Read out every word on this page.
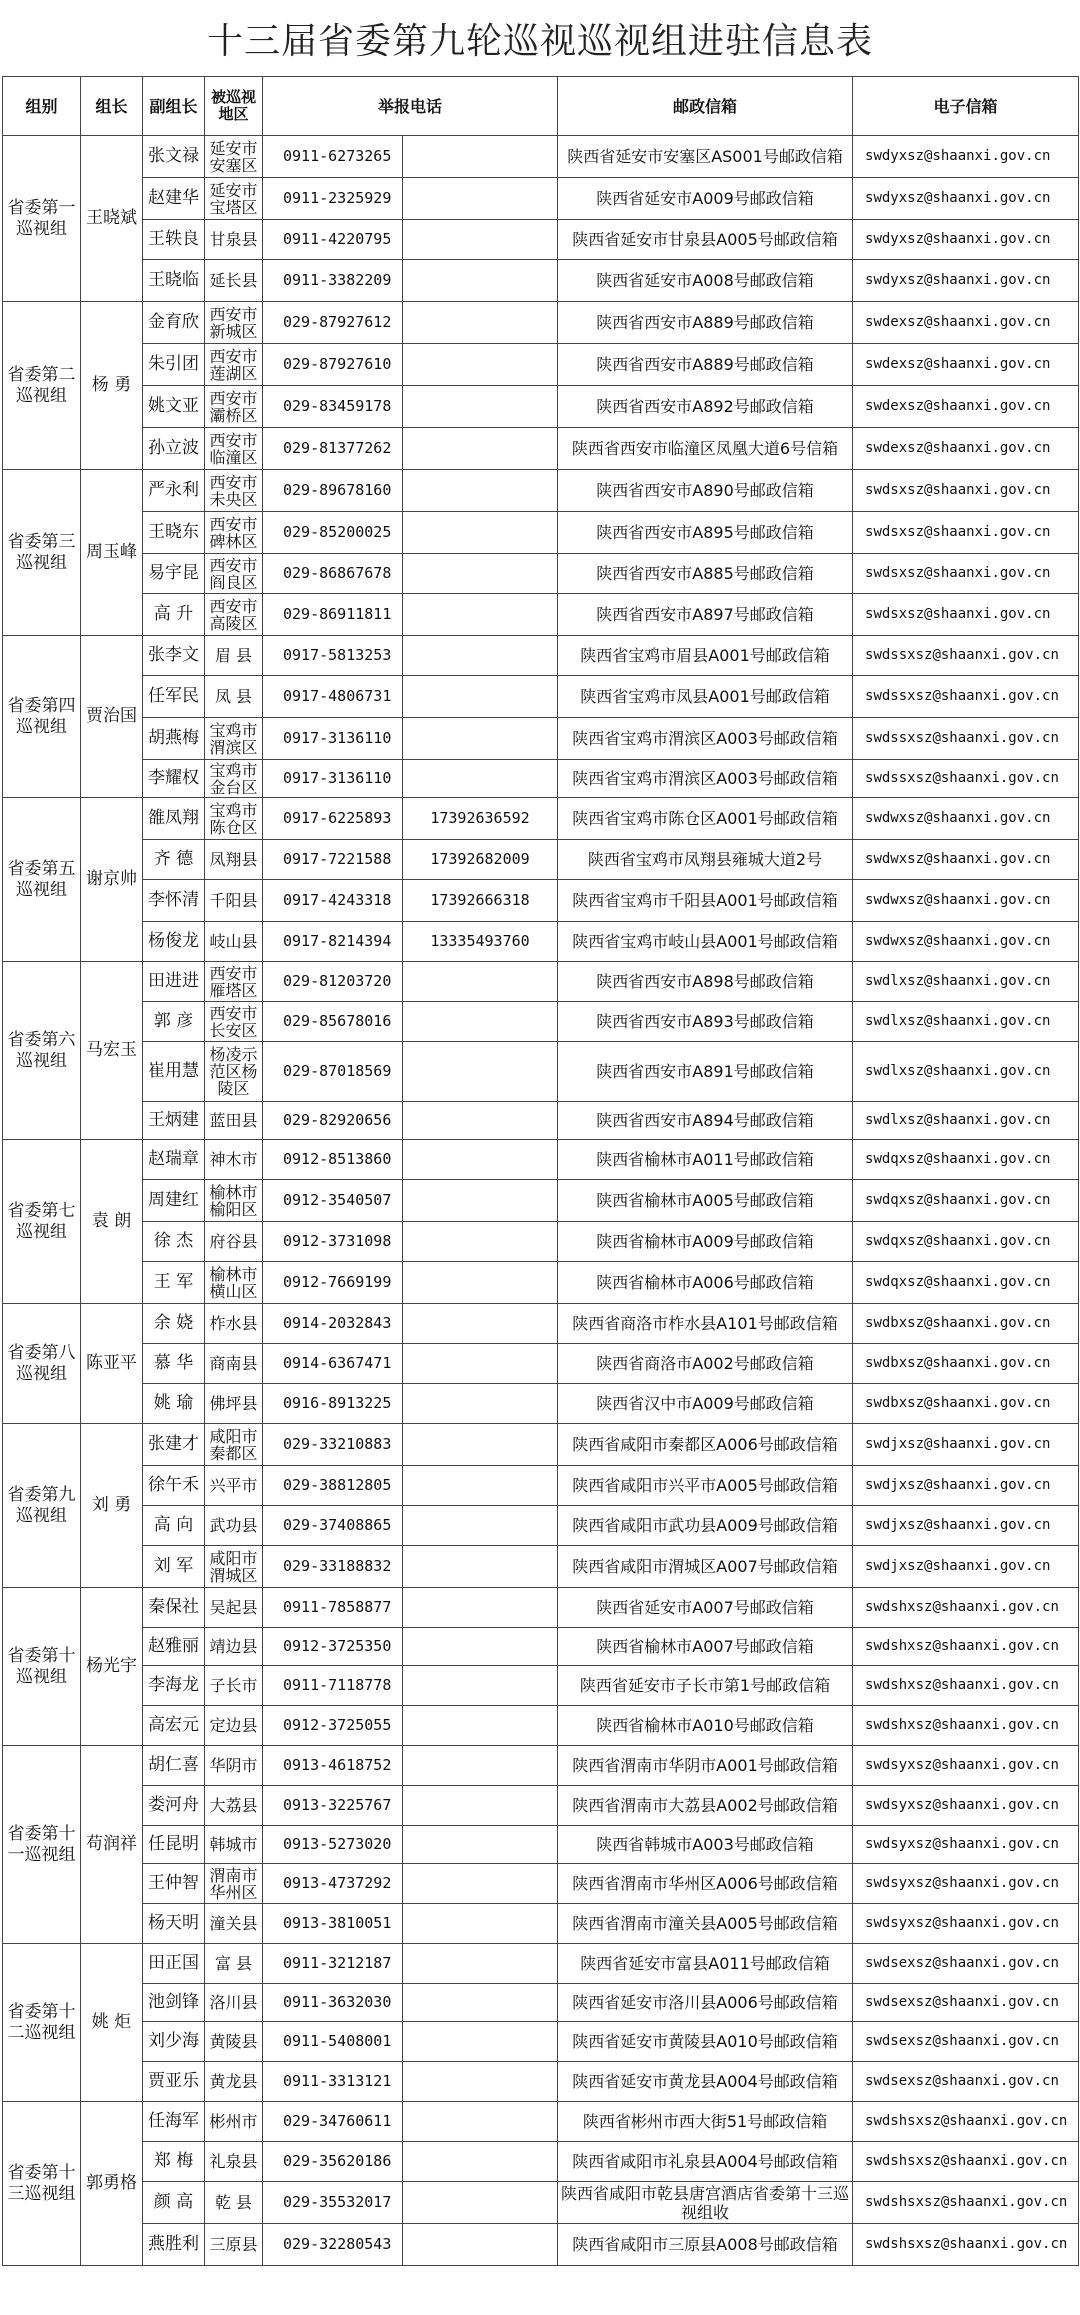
十三届省委第九轮巡视巡视组进驻信息表
组别	组长	副组长	被巡视地区	举报电话		邮政信箱	电子信箱
省委第一巡视组	王晓斌	张文禄	延安市安塞区	0911-6273265		陕西省延安市安塞区AS001号邮政信箱	swdyxsz@shaanxi.gov.cn
		赵建华	延安市宝塔区	0911-2325929		陕西省延安市A009号邮政信箱	swdyxsz@shaanxi.gov.cn
		王轶良	甘泉县	0911-4220795		陕西省延安市甘泉县A005号邮政信箱	swdyxsz@shaanxi.gov.cn
		王晓临	延长县	0911-3382209		陕西省延安市A008号邮政信箱	swdyxsz@shaanxi.gov.cn
省委第二巡视组	杨 勇	金育欣	西安市新城区	029-87927612		陕西省西安市A889号邮政信箱	swdexsz@shaanxi.gov.cn
		朱引团	西安市莲湖区	029-87927610		陕西省西安市A889号邮政信箱	swdexsz@shaanxi.gov.cn
		姚文亚	西安市灞桥区	029-83459178		陕西省西安市A892号邮政信箱	swdexsz@shaanxi.gov.cn
		孙立波	西安市临潼区	029-81377262		陕西省西安市临潼区凤凰大道6号信箱	swdexsz@shaanxi.gov.cn
省委第三巡视组	周玉峰	严永利	西安市未央区	029-89678160		陕西省西安市A890号邮政信箱	swdsxsz@shaanxi.gov.cn
		王晓东	西安市碑林区	029-85200025		陕西省西安市A895号邮政信箱	swdsxsz@shaanxi.gov.cn
		易宇昆	西安市阎良区	029-86867678		陕西省西安市A885号邮政信箱	swdsxsz@shaanxi.gov.cn
		高 升	西安市高陵区	029-86911811		陕西省西安市A897号邮政信箱	swdsxsz@shaanxi.gov.cn
省委第四巡视组	贾治国	张李文	眉 县	0917-5813253		陕西省宝鸡市眉县A001号邮政信箱	swdssxsz@shaanxi.gov.cn
		任军民	凤 县	0917-4806731		陕西省宝鸡市凤县A001号邮政信箱	swdssxsz@shaanxi.gov.cn
		胡燕梅	宝鸡市渭滨区	0917-3136110		陕西省宝鸡市渭滨区A003号邮政信箱	swdssxsz@shaanxi.gov.cn
		李耀权	宝鸡市金台区	0917-3136110		陕西省宝鸡市渭滨区A003号邮政信箱	swdssxsz@shaanxi.gov.cn
省委第五巡视组	谢京帅	雒凤翔	宝鸡市陈仓区	0917-6225893	17392636592	陕西省宝鸡市陈仓区A001号邮政信箱	swdwxsz@shaanxi.gov.cn
		齐 德	凤翔县	0917-7221588	17392682009	陕西省宝鸡市凤翔县雍城大道2号	swdwxsz@shaanxi.gov.cn
		李怀清	千阳县	0917-4243318	17392666318	陕西省宝鸡市千阳县A001号邮政信箱	swdwxsz@shaanxi.gov.cn
		杨俊龙	岐山县	0917-8214394	13335493760	陕西省宝鸡市岐山县A001号邮政信箱	swdwxsz@shaanxi.gov.cn
省委第六巡视组	马宏玉	田进进	西安市雁塔区	029-81203720		陕西省西安市A898号邮政信箱	swdlxsz@shaanxi.gov.cn
		郭 彦	西安市长安区	029-85678016		陕西省西安市A893号邮政信箱	swdlxsz@shaanxi.gov.cn
		崔用慧	杨凌示范区杨陵区	029-87018569		陕西省西安市A891号邮政信箱	swdlxsz@shaanxi.gov.cn
		王炳建	蓝田县	029-82920656		陕西省西安市A894号邮政信箱	swdlxsz@shaanxi.gov.cn
省委第七巡视组	袁 朗	赵瑞章	神木市	0912-8513860		陕西省榆林市A011号邮政信箱	swdqxsz@shaanxi.gov.cn
		周建红	榆林市榆阳区	0912-3540507		陕西省榆林市A005号邮政信箱	swdqxsz@shaanxi.gov.cn
		徐 杰	府谷县	0912-3731098		陕西省榆林市A009号邮政信箱	swdqxsz@shaanxi.gov.cn
		王 军	榆林市横山区	0912-7669199		陕西省榆林市A006号邮政信箱	swdqxsz@shaanxi.gov.cn
省委第八巡视组	陈亚平	余 娆	柞水县	0914-2032843		陕西省商洛市柞水县A101号邮政信箱	swdbxsz@shaanxi.gov.cn
		慕 华	商南县	0914-6367471		陕西省商洛市A002号邮政信箱	swdbxsz@shaanxi.gov.cn
		姚 瑜	佛坪县	0916-8913225		陕西省汉中市A009号邮政信箱	swdbxsz@shaanxi.gov.cn
省委第九巡视组	刘 勇	张建才	咸阳市秦都区	029-33210883		陕西省咸阳市秦都区A006号邮政信箱	swdjxsz@shaanxi.gov.cn
		徐午禾	兴平市	029-38812805		陕西省咸阳市兴平市A005号邮政信箱	swdjxsz@shaanxi.gov.cn
		高 向	武功县	029-37408865		陕西省咸阳市武功县A009号邮政信箱	swdjxsz@shaanxi.gov.cn
		刘 军	咸阳市渭城区	029-33188832		陕西省咸阳市渭城区A007号邮政信箱	swdjxsz@shaanxi.gov.cn
省委第十巡视组	杨光宇	秦保社	吴起县	0911-7858877		陕西省延安市A007号邮政信箱	swdshxsz@shaanxi.gov.cn
		赵雅丽	靖边县	0912-3725350		陕西省榆林市A007号邮政信箱	swdshxsz@shaanxi.gov.cn
		李海龙	子长市	0911-7118778		陕西省延安市子长市第1号邮政信箱	swdshxsz@shaanxi.gov.cn
		高宏元	定边县	0912-3725055		陕西省榆林市A010号邮政信箱	swdshxsz@shaanxi.gov.cn
省委第十一巡视组	苟润祥	胡仁喜	华阴市	0913-4618752		陕西省渭南市华阴市A001号邮政信箱	swdsyxsz@shaanxi.gov.cn
		娄河舟	大荔县	0913-3225767		陕西省渭南市大荔县A002号邮政信箱	swdsyxsz@shaanxi.gov.cn
		任昆明	韩城市	0913-5273020		陕西省韩城市A003号邮政信箱	swdsyxsz@shaanxi.gov.cn
		王仲智	渭南市华州区	0913-4737292		陕西省渭南市华州区A006号邮政信箱	swdsyxsz@shaanxi.gov.cn
		杨天明	潼关县	0913-3810051		陕西省渭南市潼关县A005号邮政信箱	swdsyxsz@shaanxi.gov.cn
省委第十二巡视组	姚 炬	田正国	富 县	0911-3212187		陕西省延安市富县A011号邮政信箱	swdsexsz@shaanxi.gov.cn
		池剑锋	洛川县	0911-3632030		陕西省延安市洛川县A006号邮政信箱	swdsexsz@shaanxi.gov.cn
		刘少海	黄陵县	0911-5408001		陕西省延安市黄陵县A010号邮政信箱	swdsexsz@shaanxi.gov.cn
		贾亚乐	黄龙县	0911-3313121		陕西省延安市黄龙县A004号邮政信箱	swdsexsz@shaanxi.gov.cn
省委第十三巡视组	郭勇格	任海军	彬州市	029-34760611		陕西省彬州市西大街51号邮政信箱	swdshsxsz@shaanxi.gov.cn
		郑 梅	礼泉县	029-35620186		陕西省咸阳市礼泉县A004号邮政信箱	swdshsxsz@shaanxi.gov.cn
		颜 高	乾 县	029-35532017		陕西省咸阳市乾县唐宫酒店省委第十三巡视组收	swdshsxsz@shaanxi.gov.cn
		燕胜利	三原县	029-32280543		陕西省咸阳市三原县A008号邮政信箱	swdshsxsz@shaanxi.gov.cn
